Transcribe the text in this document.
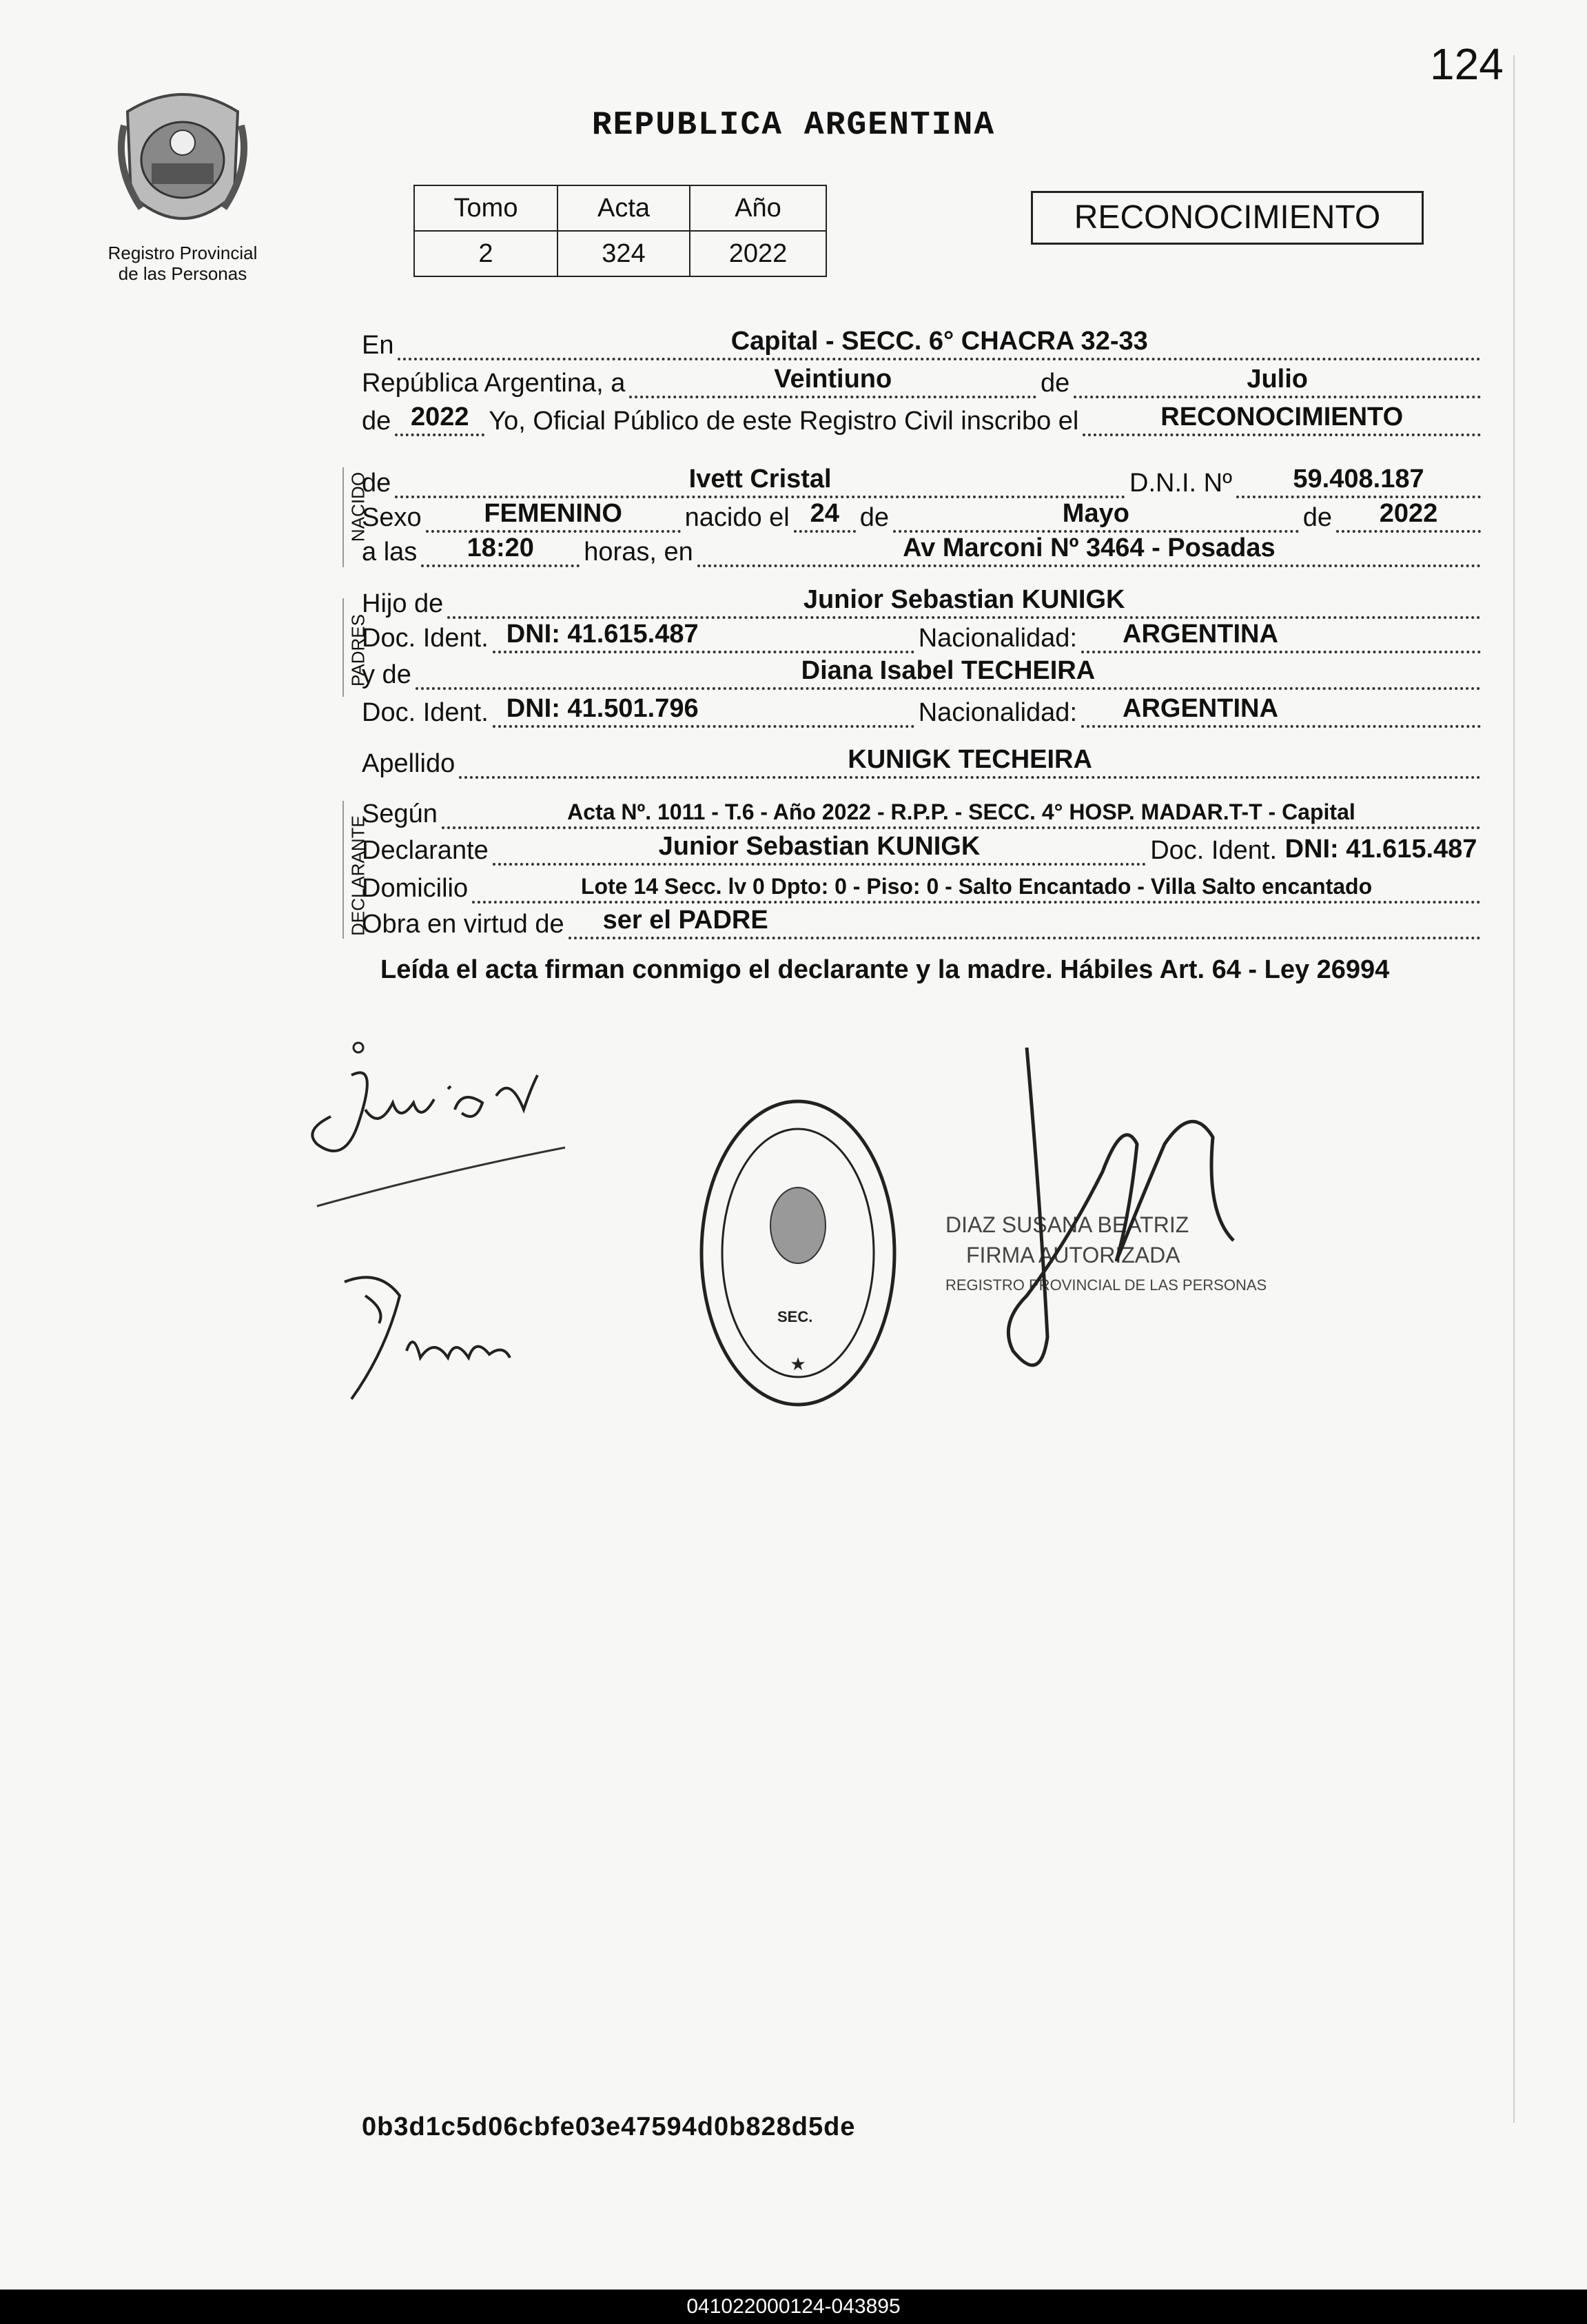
124
REPUBLICA ARGENTINA
Registro Provincial
de las Personas
Tomo	Acta	Año
2	324	2022
RECONOCIMIENTO
NACIDO
PADRES
DECLARANTE
En	Capital - SECC. 6° CHACRA 32-33
República Argentina, a	Veintiuno	de	Julio
de 2022 Yo, Oficial Público de este Registro Civil inscribo el	RECONOCIMIENTO
de	Ivett Cristal	D.N.I. Nº	59.408.187
Sexo	FEMENINO	nacido el 24 de	Mayo	de	2022
a las	18:20	horas, en	Av Marconi Nº 3464 - Posadas
Hijo de	Junior Sebastian KUNIGK
Doc. Ident. DNI: 41.615.487	Nacionalidad:	ARGENTINA
y de	Diana Isabel TECHEIRA
Doc. Ident. DNI: 41.501.796	Nacionalidad:	ARGENTINA
Apellido	KUNIGK TECHEIRA
Según	Acta Nº. 1011 - T.6 - Año 2022 - R.P.P. - SECC. 4° HOSP. MADAR.T-T - Capital
Declarante	Junior Sebastian KUNIGK	Doc. Ident. DNI: 41.615.487
Domicilio	Lote 14 Secc. lv 0 Dpto: 0 - Piso: 0 - Salto Encantado - Villa Salto encantado
Obra en virtud de	ser el PADRE
Leída el acta firman conmigo el declarante y la madre. Hábiles Art. 64 - Ley 26994
SEC.
★
DIAZ SUSANA BEATRIZ
FIRMA AUTORIZADA
REGISTRO PROVINCIAL DE LAS PERSONAS
0b3d1c5d06cbfe03e47594d0b828d5de
041022000124-043895
